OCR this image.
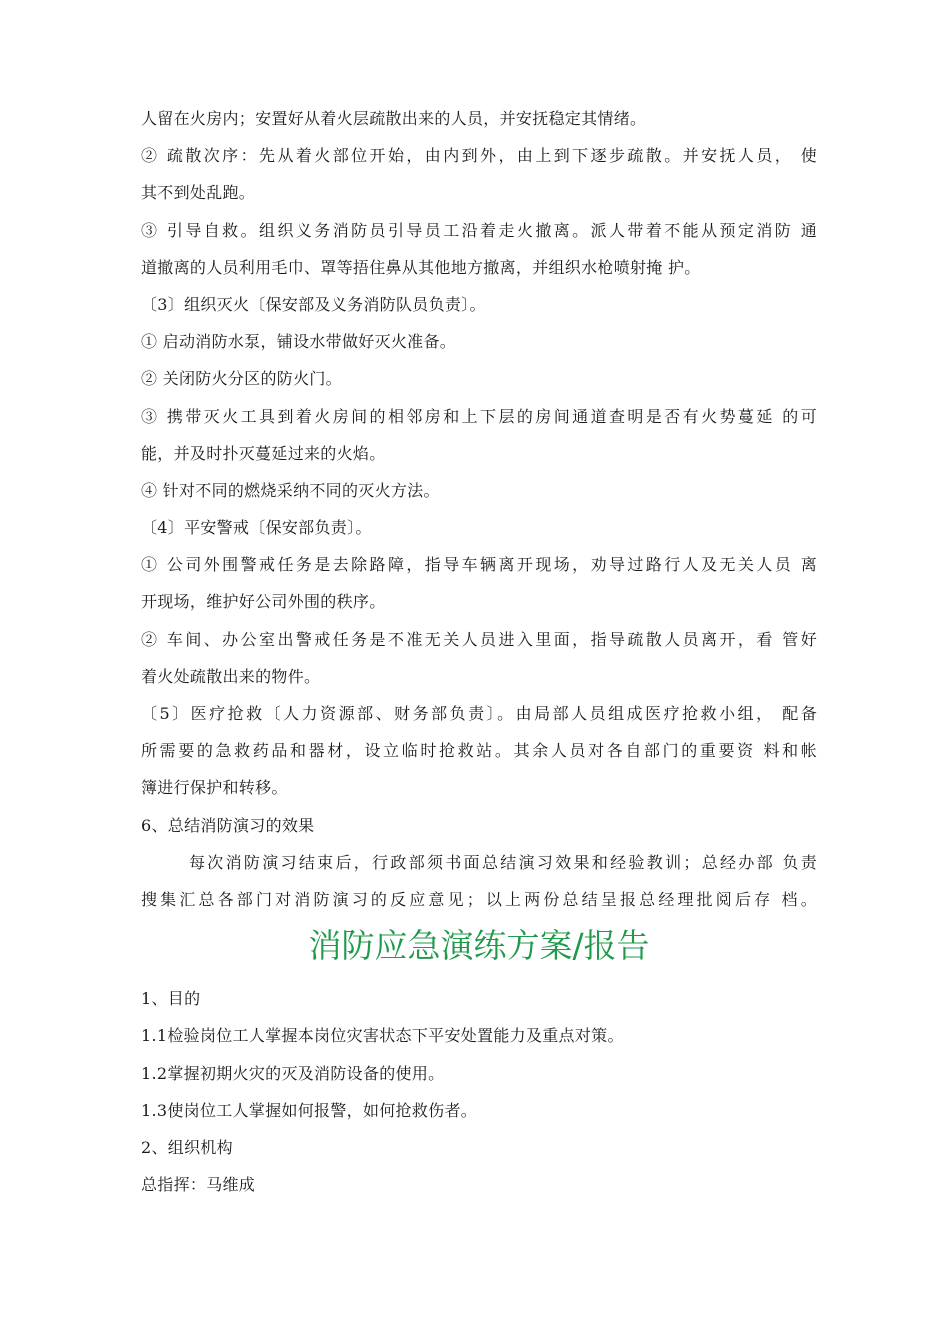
人留在火房内；安置好从着火层疏散出来的人员，并安抚稳定其情绪。
② 疏散次序：先从着火部位开始，由内到外，由上到下逐步疏散。并安抚人员， 使
其不到处乱跑。
③ 引导自救。组织义务消防员引导员工沿着走火撤离。派人带着不能从预定消防 通
道撤离的人员利用毛巾、罩等捂住鼻从其他地方撤离，并组织水枪喷射掩 护。
〔3〕组织灭火〔保安部及义务消防队员负责〕。
① 启动消防水泵，铺设水带做好灭火准备。
② 关闭防火分区的防火门。
③ 携带灭火工具到着火房间的相邻房和上下层的房间通道查明是否有火势蔓延 的可
能，并及时扑灭蔓延过来的火焰。
④ 针对不同的燃烧采纳不同的灭火方法。
〔4〕平安警戒〔保安部负责〕。
① 公司外围警戒任务是去除路障，指导车辆离开现场，劝导过路行人及无关人员 离
开现场，维护好公司外围的秩序。
② 车间、办公室出警戒任务是不准无关人员进入里面，指导疏散人员离开，看 管好
着火处疏散出来的物件。
〔5〕医疗抢救〔人力资源部、财务部负责〕。由局部人员组成医疗抢救小组， 配备
所需要的急救药品和器材，设立临时抢救站。其余人员对各自部门的重要资 料和帐
簿进行保护和转移。
6、总结消防演习的效果
每次消防演习结束后，行政部须书面总结演习效果和经验教训；总经办部 负责
搜集汇总各部门对消防演习的反应意见；以上两份总结呈报总经理批阅后存 档。
消防应急演练方案/报告
1、目的
1.1检验岗位工人掌握本岗位灾害状态下平安处置能力及重点对策。
1.2掌握初期火灾的灭及消防设备的使用。
1.3使岗位工人掌握如何报警，如何抢救伤者。
2、组织机构
总指挥：马维成
